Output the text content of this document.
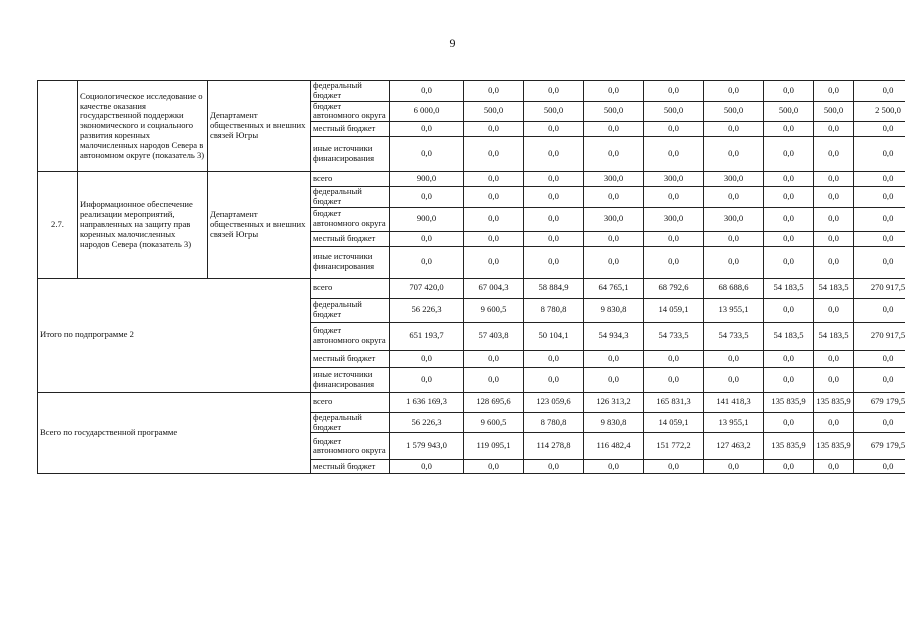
9
	Социологическое исследование о качестве оказания государственной поддержки экономического и социального развития коренных малочисленных народов Севера в автономном округе (показатель 3)	Департамент общественных и внешних связей Югры	федеральный бюджет	0,0	0,0	0,0	0,0	0,0	0,0	0,0	0,0	0,0
			бюджет автономного округа	6 000,0	500,0	500,0	500,0	500,0	500,0	500,0	500,0	2 500,0
			местный бюджет	0,0	0,0	0,0	0,0	0,0	0,0	0,0	0,0	0,0
			иные источники финансирования	0,0	0,0	0,0	0,0	0,0	0,0	0,0	0,0	0,0
2.7.	Информационное обеспечение реализации мероприятий, направленных на защиту прав коренных малочисленных народов Севера (показатель 3)	Департамент общественных и внешних связей Югры	всего	900,0	0,0	0,0	300,0	300,0	300,0	0,0	0,0	0,0
			федеральный бюджет	0,0	0,0	0,0	0,0	0,0	0,0	0,0	0,0	0,0
			бюджет автономного округа	900,0	0,0	0,0	300,0	300,0	300,0	0,0	0,0	0,0
			местный бюджет	0,0	0,0	0,0	0,0	0,0	0,0	0,0	0,0	0,0
			иные источники финансирования	0,0	0,0	0,0	0,0	0,0	0,0	0,0	0,0	0,0
Итого по подпрограмме 2			всего	707 420,0	67 004,3	58 884,9	64 765,1	68 792,6	68 688,6	54 183,5	54 183,5	270 917,5
			федеральный бюджет	56 226,3	9 600,5	8 780,8	9 830,8	14 059,1	13 955,1	0,0	0,0	0,0
			бюджет автономного округа	651 193,7	57 403,8	50 104,1	54 934,3	54 733,5	54 733,5	54 183,5	54 183,5	270 917,5
			местный бюджет	0,0	0,0	0,0	0,0	0,0	0,0	0,0	0,0	0,0
			иные источники финансирования	0,0	0,0	0,0	0,0	0,0	0,0	0,0	0,0	0,0
Всего по государственной программе			всего	1 636 169,3	128 695,6	123 059,6	126 313,2	165 831,3	141 418,3	135 835,9	135 835,9	679 179,5
			федеральный бюджет	56 226,3	9 600,5	8 780,8	9 830,8	14 059,1	13 955,1	0,0	0,0	0,0
			бюджет автономного округа	1 579 943,0	119 095,1	114 278,8	116 482,4	151 772,2	127 463,2	135 835,9	135 835,9	679 179,5
			местный бюджет	0,0	0,0	0,0	0,0	0,0	0,0	0,0	0,0	0,0
